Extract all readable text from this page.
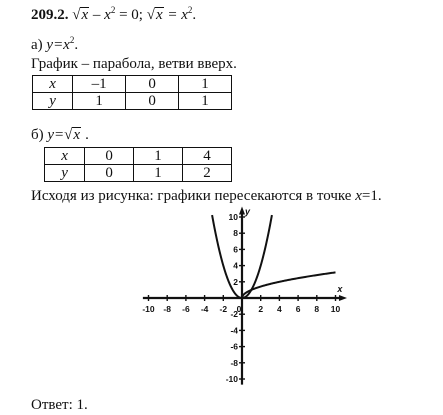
209.2. $√x - x^2 = 0$; $√x = x^2$.
а) $y=x^2$.
График – парабола, ветви вверх.
x	–1	0	1
y	1	0	1
б) y=√x .
x	0	1	4
y	0	1	2
Исходя из рисунка: графики пересекаются в точке x=1.
x
y
-10 -8 -6 -4 -2 0 2 4 6 8 10
10
8
6
4
2
-2
-4
-6
-8
-10
Ответ: 1.
